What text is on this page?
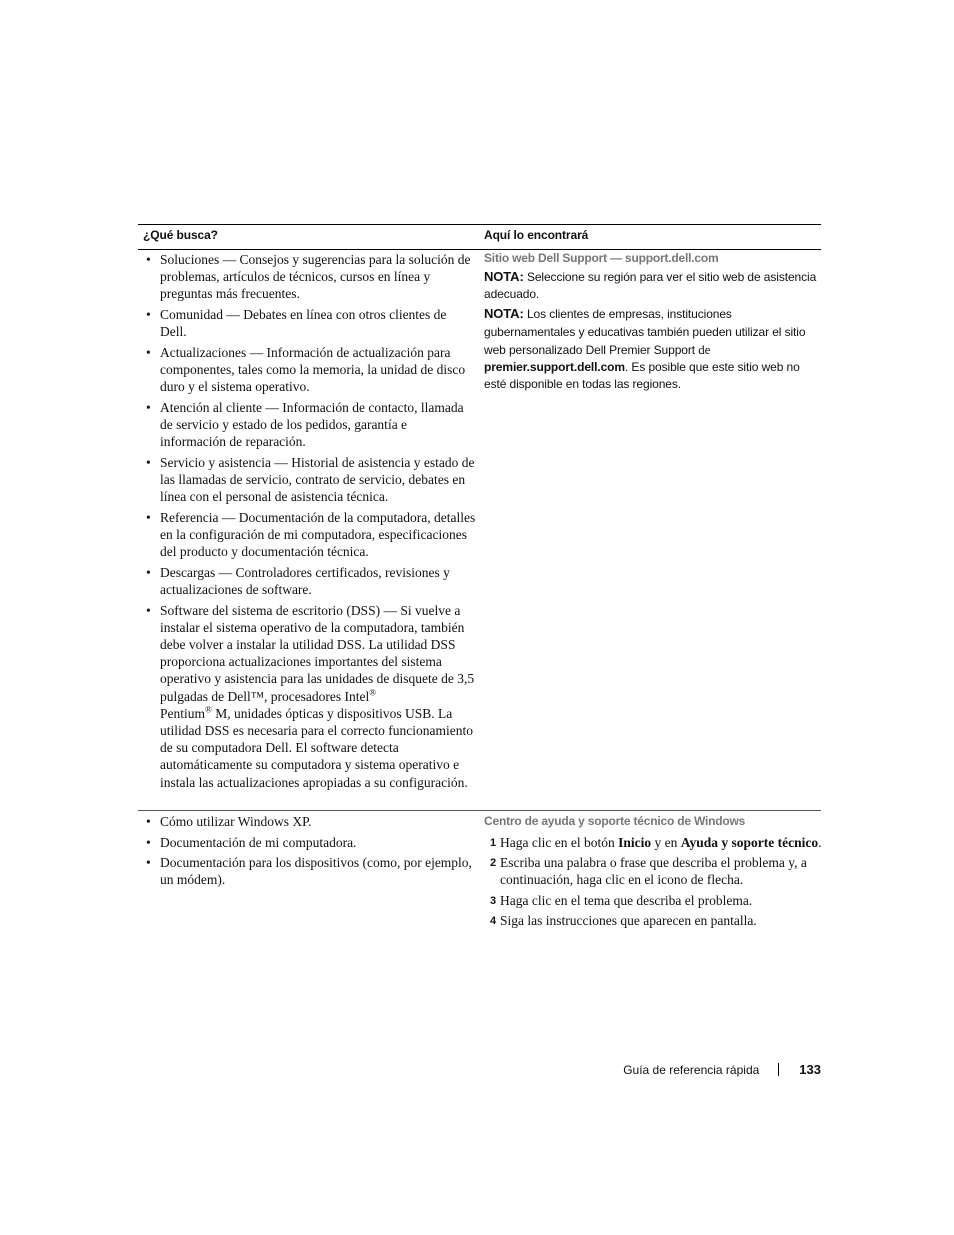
¿Qué busca?	Aquí lo encontrará
• Soluciones — Consejos y sugerencias para la solución de problemas, artículos de técnicos, cursos en línea y preguntas más frecuentes.
• Comunidad — Debates en línea con otros clientes de Dell.
• Actualizaciones — Información de actualización para componentes, tales como la memoria, la unidad de disco duro y el sistema operativo.
• Atención al cliente — Información de contacto, llamada de servicio y estado de los pedidos, garantía e información de reparación.
• Servicio y asistencia — Historial de asistencia y estado de las llamadas de servicio, contrato de servicio, debates en línea con el personal de asistencia técnica.
• Referencia — Documentación de la computadora, detalles en la configuración de mi computadora, especificaciones del producto y documentación técnica.
• Descargas — Controladores certificados, revisiones y actualizaciones de software.
• Software del sistema de escritorio (DSS) — Si vuelve a instalar el sistema operativo de la computadora, también debe volver a instalar la utilidad DSS. La utilidad DSS proporciona actualizaciones importantes del sistema operativo y asistencia para las unidades de disquete de 3,5 pulgadas de Dell™, procesadores Intel®
Pentium® M, unidades ópticas y dispositivos USB. La utilidad DSS es necesaria para el correcto funcionamiento de su computadora Dell. El software detecta automáticamente su computadora y sistema operativo e instala las actualizaciones apropiadas a su configuración.
Sitio web Dell Support — support.dell.com
NOTA: Seleccione su región para ver el sitio web de asistencia adecuado.
NOTA: Los clientes de empresas, instituciones gubernamentales y educativas también pueden utilizar el sitio web personalizado Dell Premier Support de
premier.support.dell.com. Es posible que este sitio web no esté disponible en todas las regiones.
• Cómo utilizar Windows XP.
• Documentación de mi computadora.
• Documentación para los dispositivos (como, por ejemplo, un módem).
Centro de ayuda y soporte técnico de Windows
1 Haga clic en el botón Inicio y en Ayuda y soporte técnico.
2 Escriba una palabra o frase que describa el problema y, a continuación, haga clic en el icono de flecha.
3 Haga clic en el tema que describa el problema.
4 Siga las instrucciones que aparecen en pantalla.
Guía de referencia rápida	133
